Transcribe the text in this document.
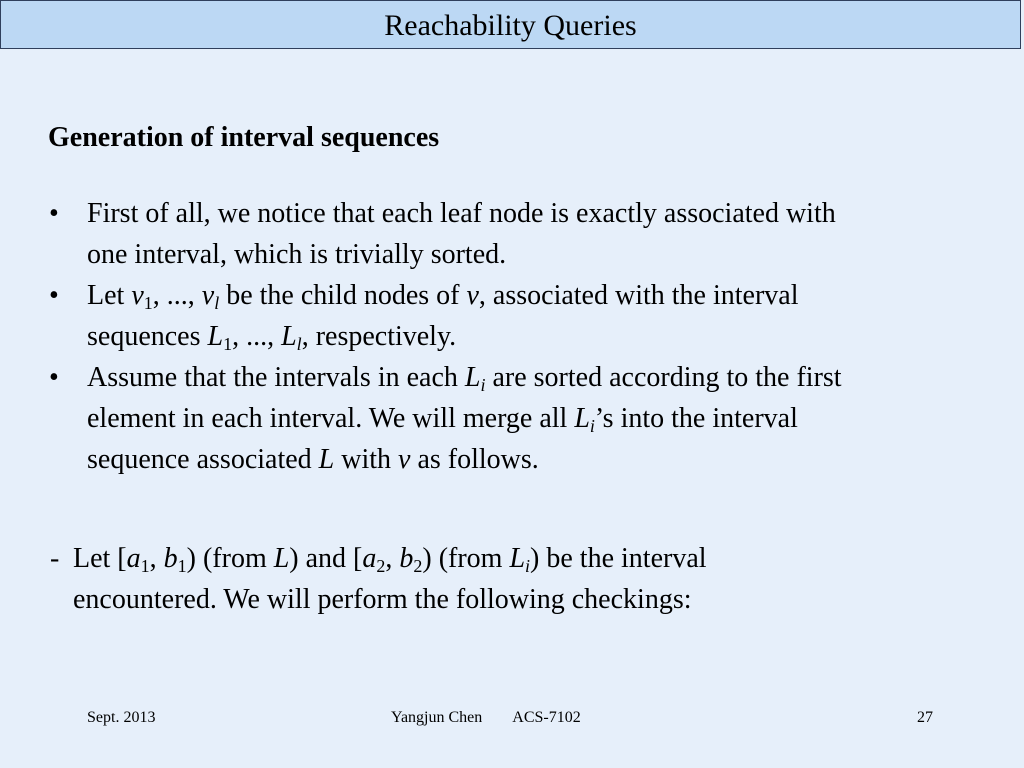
Reachability Queries
Generation of interval sequences
• First of all, we notice that each leaf node is exactly associated with
one interval, which is trivially sorted.
• Let $v_1$, ..., $v_l$ be the child nodes of v, associated with the interval
sequences $L_1$, ..., $L_l$, respectively.
• Assume that the intervals in each $L_i$ are sorted according to the first
element in each interval. We will merge all $L_i’s$ into the interval
sequence associated L with v as follows.
- Let [$a_1$, $b_1$) (from L) and [$a_2$, $b_2$) (from $L_i$) be the interval
encountered. We will perform the following checkings:
Sept. 2013	Yangjun Chen ACS-7102	27
